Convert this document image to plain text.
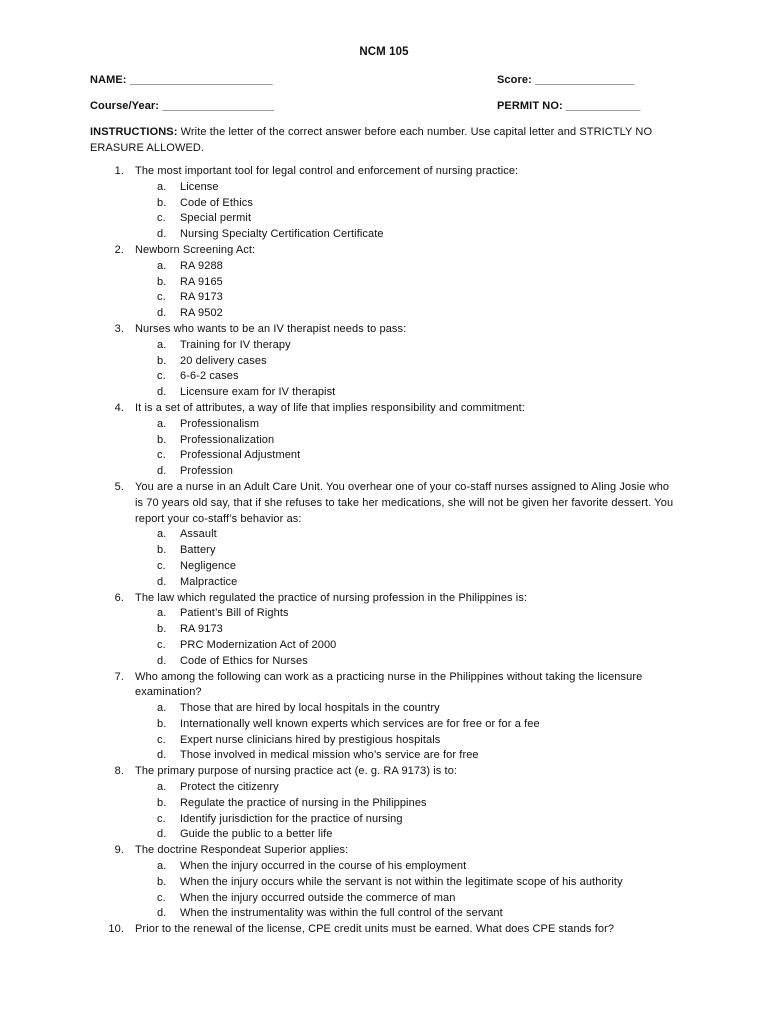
NCM 105
NAME: _______________________	Score: ________________
Course/Year: __________________	PERMIT NO: ____________
INSTRUCTIONS: Write the letter of the correct answer before each number. Use capital letter and STRICTLY NO ERASURE ALLOWED.
1. The most important tool for legal control and enforcement of nursing practice:
a.	License
b.	Code of Ethics
c.	Special permit
d.	Nursing Specialty Certification Certificate
2. Newborn Screening Act:
a.	RA 9288
b.	RA 9165
c.	RA 9173
d.	RA 9502
3. Nurses who wants to be an IV therapist needs to pass:
a.	Training for IV therapy
b.	20 delivery cases
c.	6-6-2 cases
d.	Licensure exam for IV therapist
4. It is a set of attributes, a way of life that implies responsibility and commitment:
a.	Professionalism
b.	Professionalization
c.	Professional Adjustment
d.	Profession
5. You are a nurse in an Adult Care Unit. You overhear one of your co-staff nurses assigned to Aling Josie who is 70 years old say, that if she refuses to take her medications, she will not be given her favorite dessert. You report your co-staff’s behavior as:
a.	Assault
b.	Battery
c.	Negligence
d.	Malpractice
6. The law which regulated the practice of nursing profession in the Philippines is:
a.	Patient’s Bill of Rights
b.	RA 9173
c.	PRC Modernization Act of 2000
d.	Code of Ethics for Nurses
7. Who among the following can work as a practicing nurse in the Philippines without taking the licensure examination?
a.	Those that are hired by local hospitals in the country
b.	Internationally well known experts which services are for free or for a fee
c.	Expert nurse clinicians hired by prestigious hospitals
d.	Those involved in medical mission who’s service are for free
8. The primary purpose of nursing practice act (e. g. RA 9173) is to:
a.	Protect the citizenry
b.	Regulate the practice of nursing in the Philippines
c.	Identify jurisdiction for the practice of nursing
d.	Guide the public to a better life
9. The doctrine Respondeat Superior applies:
a.	When the injury occurred in the course of his employment
b.	When the injury occurs while the servant is not within the legitimate scope of his authority
c.	When the injury occurred outside the commerce of man
d.	When the instrumentality was within the full control of the servant
10. Prior to the renewal of the license, CPE credit units must be earned. What does CPE stands for?
